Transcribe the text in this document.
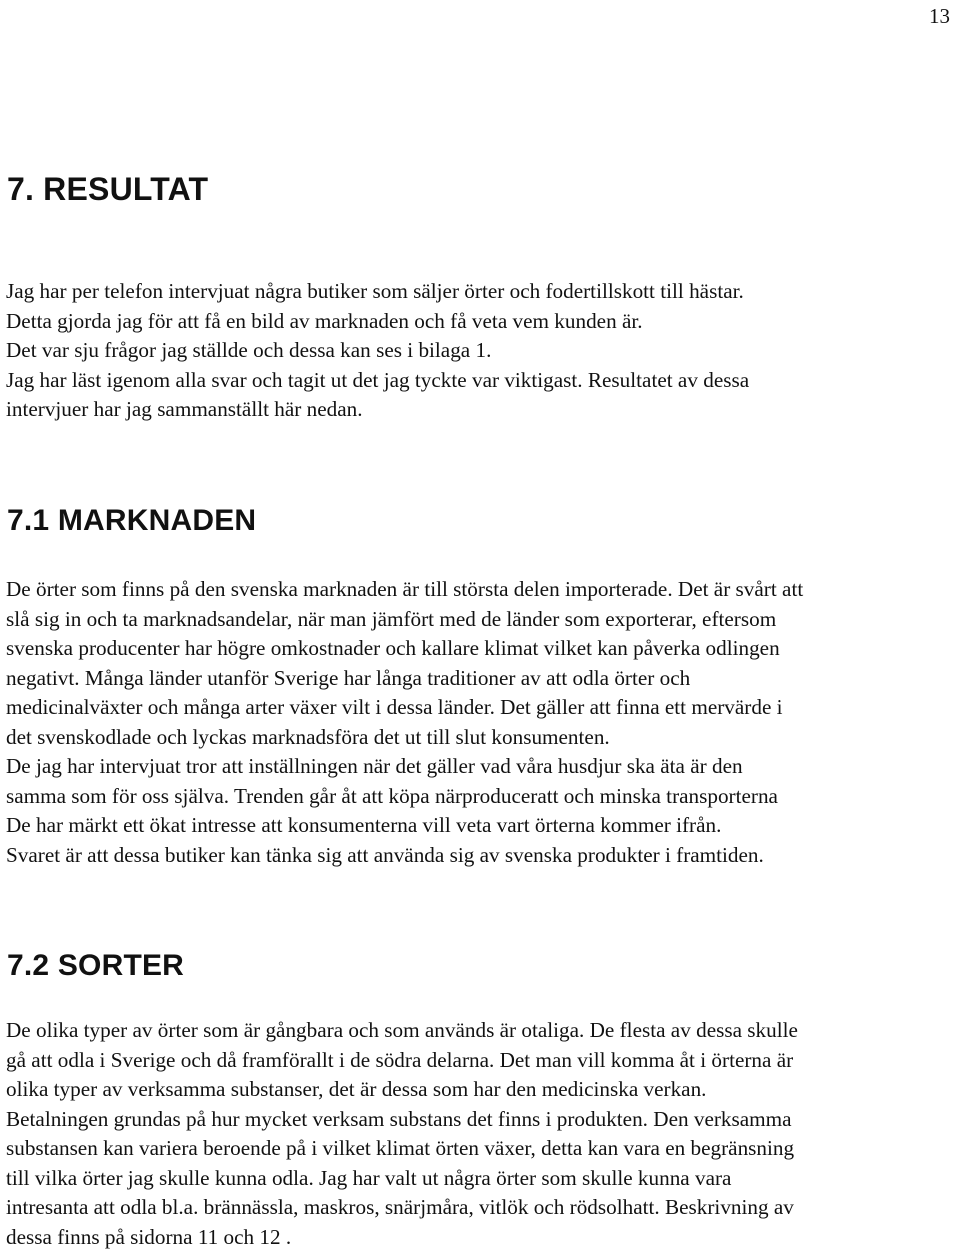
13
7. RESULTAT

Jag har per telefon intervjuat några butiker som säljer örter och fodertillskott till hästar.
Detta gjorda jag för att få en bild av marknaden och få veta vem kunden är.
Det var sju frågor jag ställde och dessa kan ses i bilaga 1.
Jag har läst igenom alla svar och tagit ut det jag tyckte var viktigast. Resultatet av dessa
intervjuer har jag sammanställt här nedan.

7.1 MARKNADEN

De örter som finns på den svenska marknaden är till största delen importerade. Det är svårt att
slå sig in och ta marknadsandelar, när man jämfört med de länder som exporterar, eftersom
svenska producenter har högre omkostnader och kallare klimat vilket kan påverka odlingen
negativt. Många länder utanför Sverige har långa traditioner av att odla örter och
medicinalväxter och många arter växer vilt i dessa länder. Det gäller att finna ett mervärde i
det svenskodlade och lyckas marknadsföra det ut till slut konsumenten.
De jag har intervjuat tror att inställningen när det gäller vad våra husdjur ska äta är den
samma som för oss själva. Trenden går åt att köpa närproduceratt och minska transporterna
De har märkt ett ökat intresse att konsumenterna vill veta vart örterna kommer ifrån.
Svaret är att dessa butiker kan tänka sig att använda sig av svenska produkter i framtiden.

7.2 SORTER

De olika typer av örter som är gångbara och som används är otaliga. De flesta av dessa skulle
gå att odla i Sverige och då framförallt i de södra delarna. Det man vill komma åt i örterna är
olika typer av verksamma substanser, det är dessa som har den medicinska verkan.
Betalningen grundas på hur mycket verksam substans det finns i produkten. Den verksamma
substansen kan variera beroende på i vilket klimat örten växer, detta kan vara en begränsning
till vilka örter jag skulle kunna odla. Jag har valt ut några örter som skulle kunna vara
intresanta att odla bl.a. brännässla, maskros, snärjmåra, vitlök och rödsolhatt. Beskrivning av
dessa finns på sidorna 11 och 12 .
